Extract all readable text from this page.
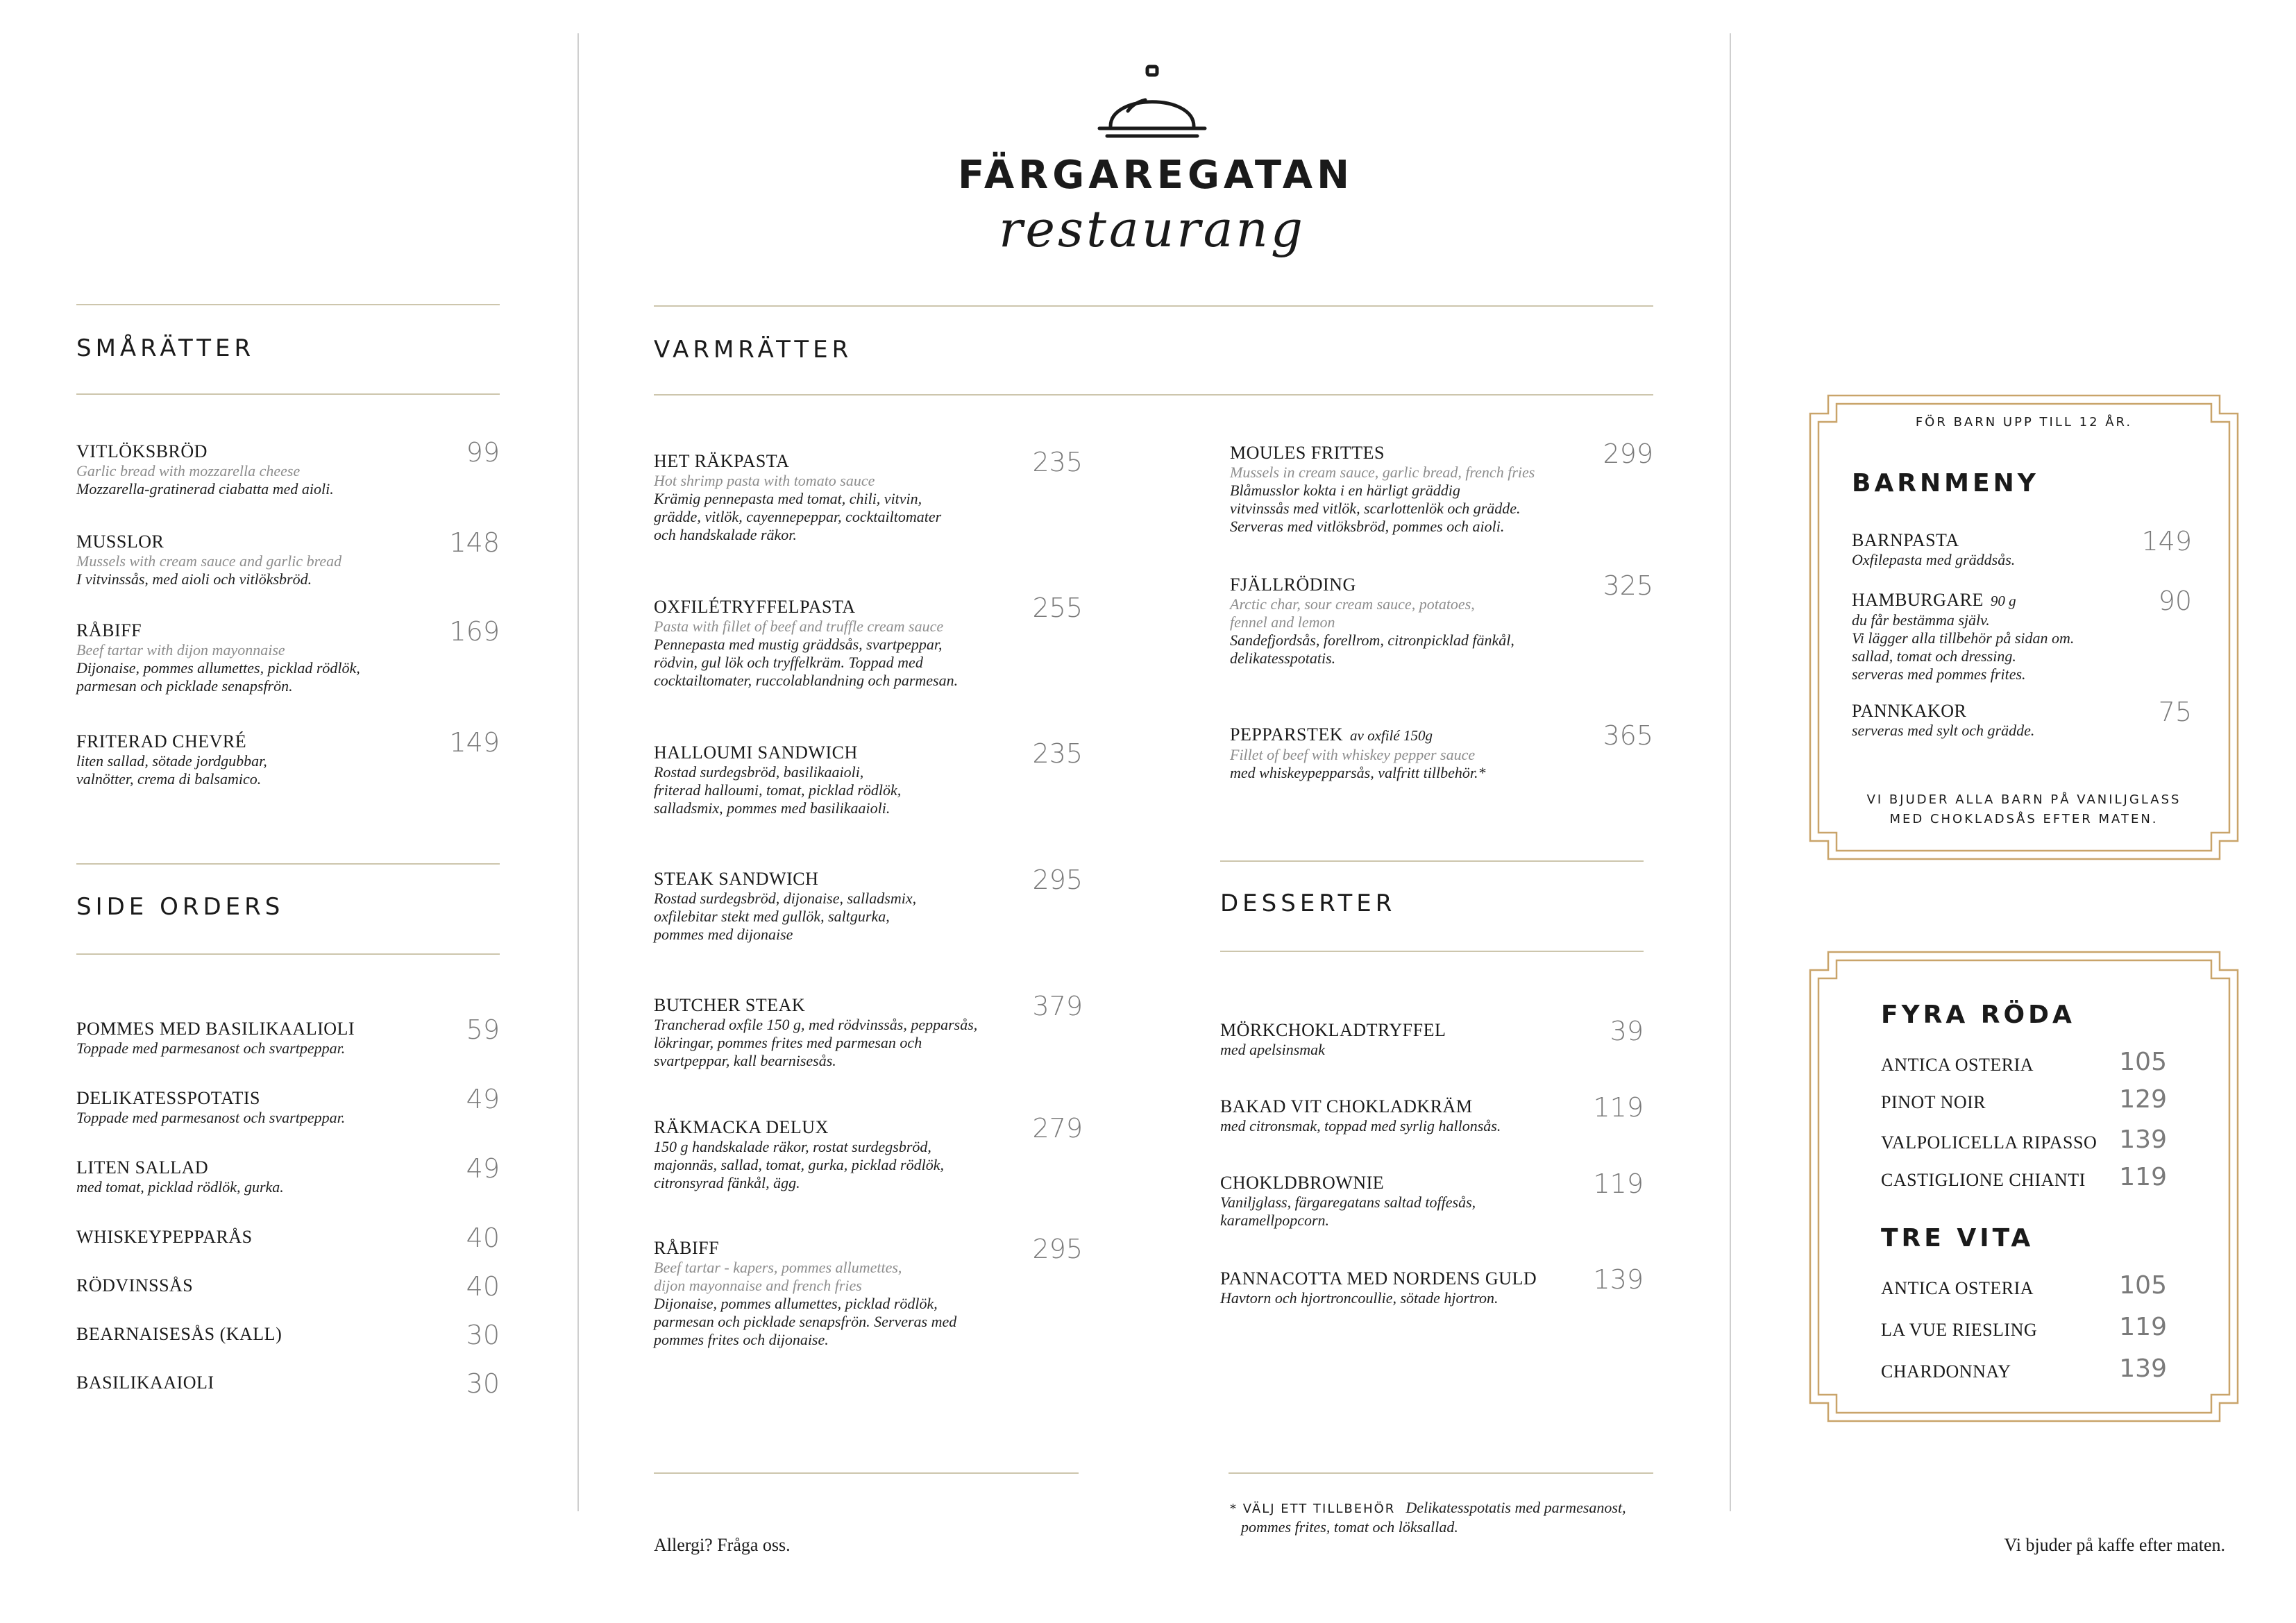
FÄRGAREGATAN
restaurang
SMÅRÄTTER
VITLÖKSBRÖD
Garlic bread with mozzarella cheese
Mozzarella-gratinerad ciabatta med aioli.
99
MUSSLOR
Mussels with cream sauce and garlic bread
I vitvinssås, med aioli och vitlöksbröd.
148
RÅBIFF
Beef tartar with dijon mayonnaise
Dijonaise, pommes allumettes, picklad rödlök,
parmesan och picklade senapsfrön.
169
FRITERAD CHEVRÉ
liten sallad, sötade jordgubbar,
valnötter, crema di balsamico.
149
SIDE ORDERS
POMMES MED BASILIKAALIOLI
Toppade med parmesanost och svartpeppar.
59
DELIKATESSPOTATIS
Toppade med parmesanost och svartpeppar.
49
LITEN SALLAD
med tomat, picklad rödlök, gurka.
49
WHISKEYPEPPARÅS	40
RÖDVINSSÅS	40
BEARNAISESÅS (KALL)	30
BASILIKAAIOLI	30
VARMRÄTTER
HET RÄKPASTA
Hot shrimp pasta with tomato sauce
Krämig pennepasta med tomat, chili, vitvin,
grädde, vitlök, cayennepeppar, cocktailtomater
och handskalade räkor.
235
OXFILÉTRYFFELPASTA
Pasta with fillet of beef and truffle cream sauce
Pennepasta med mustig gräddsås, svartpeppar,
rödvin, gul lök och tryffelkräm. Toppad med
cocktailtomater, ruccolablandning och parmesan.
255
HALLOUMI SANDWICH
Rostad surdegsbröd, basilikaaioli,
friterad halloumi, tomat, picklad rödlök,
salladsmix, pommes med basilikaaioli.
235
STEAK SANDWICH
Rostad surdegsbröd, dijonaise, salladsmix,
oxfilebitar stekt med gullök, saltgurka,
pommes med dijonaise
295
BUTCHER STEAK
Trancherad oxfile 150 g, med rödvinssås, pepparsås,
lökringar, pommes frites med parmesan och
svartpeppar, kall bearnisesås.
379
RÄKMACKA DELUX
150 g handskalade räkor, rostat surdegsbröd,
majonnäs, sallad, tomat, gurka, picklad rödlök,
citronsyrad fänkål, ägg.
279
RÅBIFF
Beef tartar - kapers, pommes allumettes,
dijon mayonnaise and french fries
Dijonaise, pommes allumettes, picklad rödlök,
parmesan och picklade senapsfrön. Serveras med
pommes frites och dijonaise.
295
MOULES FRITTES
Mussels in cream sauce, garlic bread, french fries
Blåmusslor kokta i en härligt gräddig
vitvinssås med vitlök, scarlottenlök och grädde.
Serveras med vitlöksbröd, pommes och aioli.
299
FJÄLLRÖDING
Arctic char, sour cream sauce, potatoes,
fennel and lemon
Sandefjordsås, forellrom, citronpicklad fänkål,
delikatesspotatis.
325
PEPPARSTEK av oxfilé 150g
Fillet of beef with whiskey pepper sauce
med whiskeypepparsås, valfritt tillbehör.*
365
DESSERTER
MÖRKCHOKLADTRYFFEL
med apelsinsmak
39
BAKAD VIT CHOKLADKRÄM
med citronsmak, toppad med syrlig hallonsås.
119
CHOKLDBROWNIE
Vaniljglass, färgaregatans saltad toffesås,
karamellpopcorn.
119
PANNACOTTA MED NORDENS GULD
Havtorn och hjortroncoullie, sötade hjortron.
139
FÖR BARN UPP TILL 12 ÅR.
BARNMENY
BARNPASTA
Oxfilepasta med gräddsås.
149
HAMBURGARE 90 g
du får bestämma själv.
Vi lägger alla tillbehör på sidan om.
sallad, tomat och dressing.
serveras med pommes frites.
90
PANNKAKOR
serveras med sylt och grädde.
75
VI BJUDER ALLA BARN PÅ VANILJGLASS
MED CHOKLADSÅS EFTER MATEN.
FYRA RÖDA
ANTICA OSTERIA	105
PINOT NOIR	129
VALPOLICELLA RIPASSO 139
CASTIGLIONE CHIANTI	119
TRE VITA
ANTICA OSTERIA	105
LA VUE RIESLING	119
CHARDONNAY	139
Allergi? Fråga oss.
* VÄLJ ETT TILLBEHÖR Delikatesspotatis med parmesanost,
pommes frites, tomat och löksallad.
Vi bjuder på kaffe efter maten.
